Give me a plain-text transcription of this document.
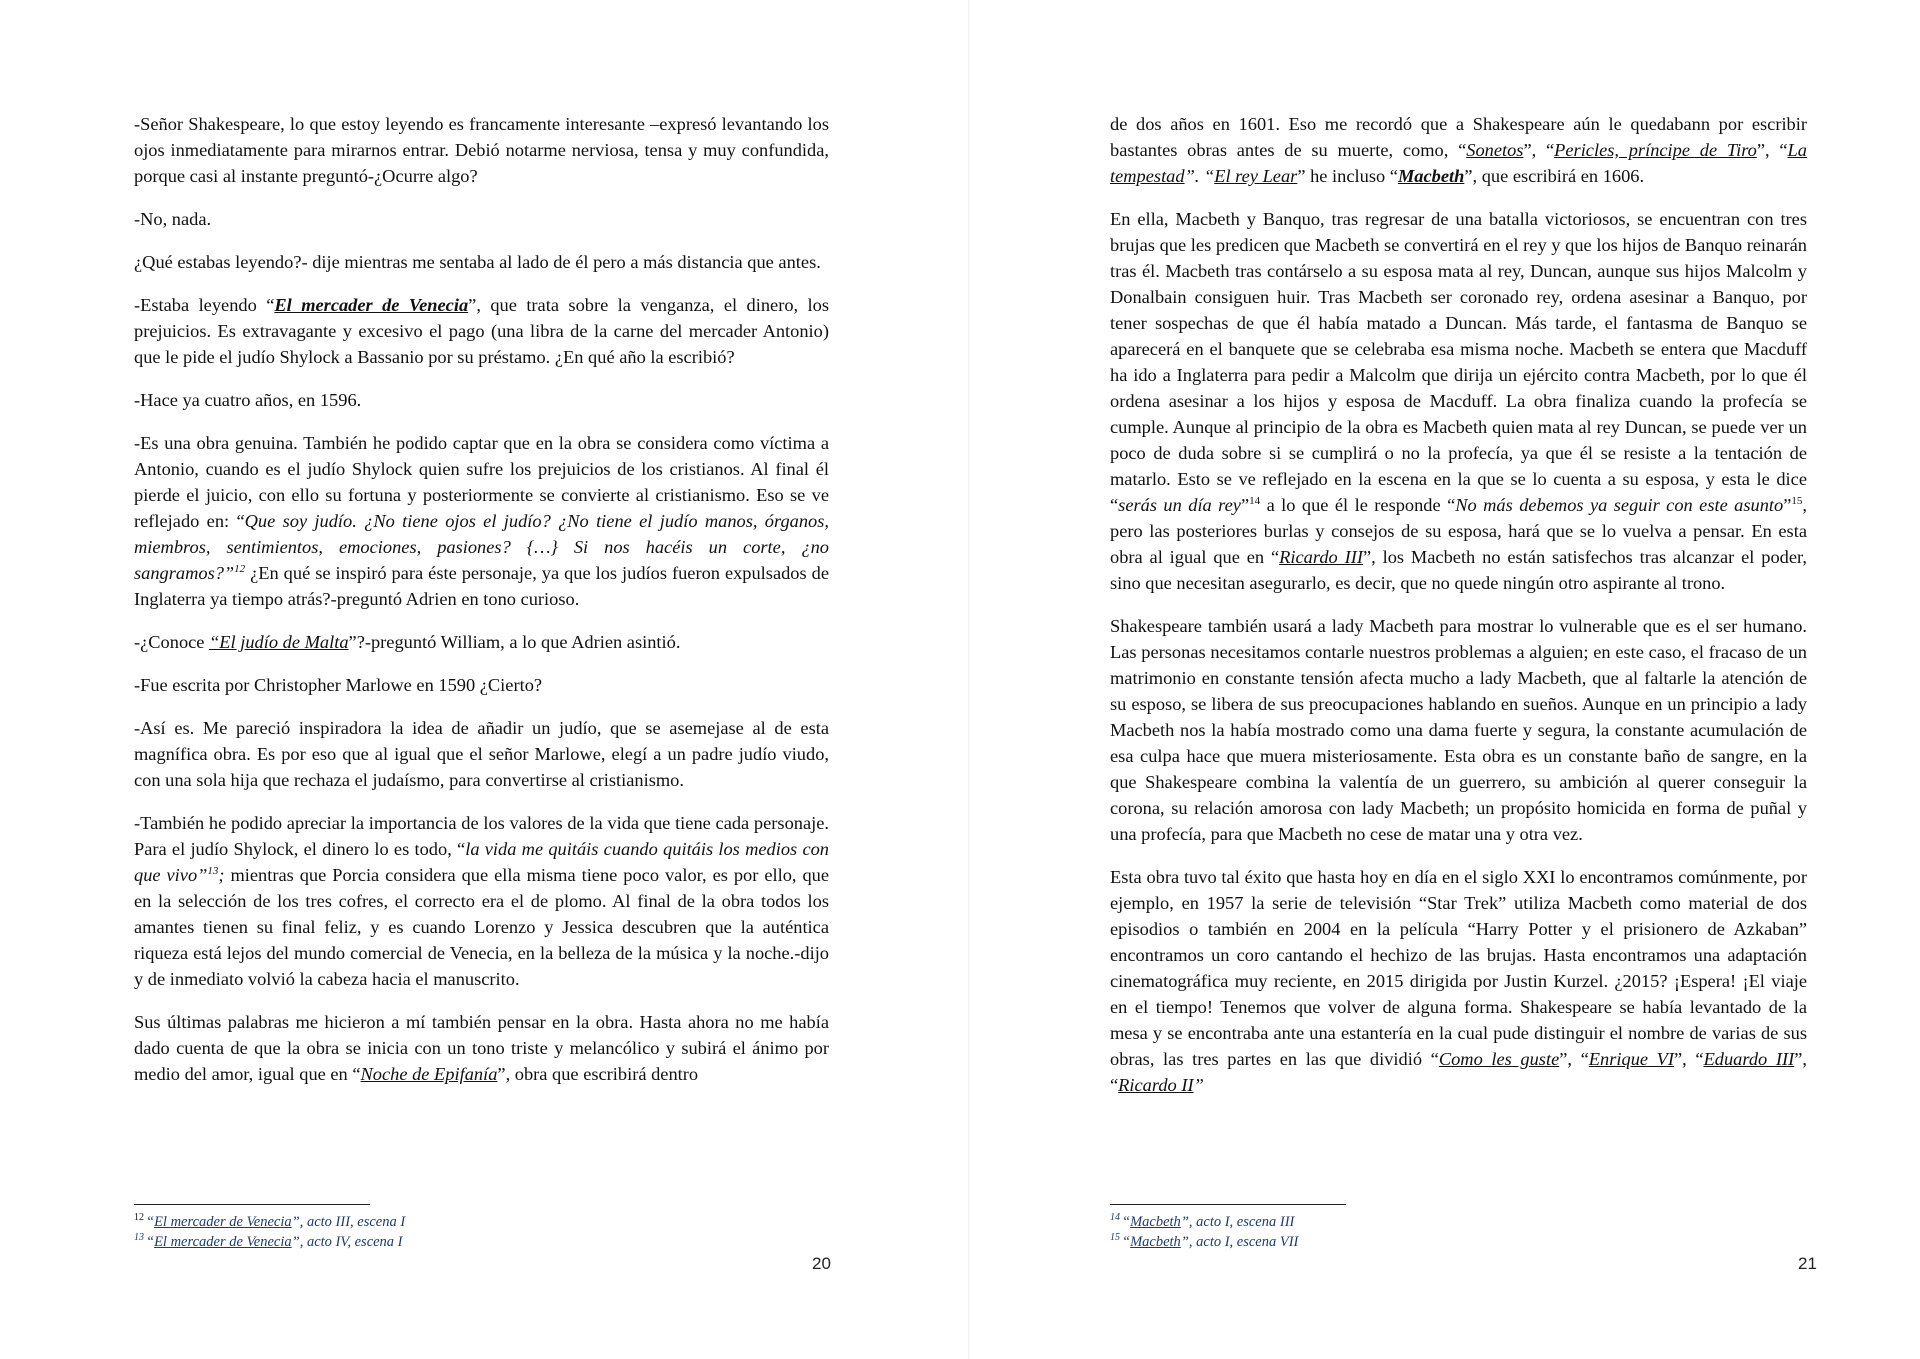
-Señor Shakespeare, lo que estoy leyendo es francamente interesante –expresó levantando los ojos inmediatamente para mirarnos entrar. Debió notarme nerviosa, tensa y muy confundida, porque casi al instante preguntó-¿Ocurre algo?

-No, nada.

¿Qué estabas leyendo?- dije mientras me sentaba al lado de él pero a más distancia que antes.

-Estaba leyendo “El mercader de Venecia”, que trata sobre la venganza, el dinero, los prejuicios. Es extravagante y excesivo el pago (una libra de la carne del mercader Antonio) que le pide el judío Shylock a Bassanio por su préstamo. ¿En qué año la escribió?

-Hace ya cuatro años, en 1596.

-Es una obra genuina. También he podido captar que en la obra se considera como víctima a Antonio, cuando es el judío Shylock quien sufre los prejuicios de los cristianos. Al final él pierde el juicio, con ello su fortuna y posteriormente se convierte al cristianismo. Eso se ve reflejado en: “Que soy judío. ¿No tiene ojos el judío? ¿No tiene el judío manos, órganos, miembros, sentimientos, emociones, pasiones? {…} Si nos hacéis un corte, ¿no sangramos?”$^{12}$ ¿En qué se inspiró para éste personaje, ya que los judíos fueron expulsados de Inglaterra ya tiempo atrás?-preguntó Adrien en tono curioso.

-¿Conoce “El judío de Malta”?-preguntó William, a lo que Adrien asintió.

-Fue escrita por Christopher Marlowe en 1590 ¿Cierto?

-Así es. Me pareció inspiradora la idea de añadir un judío, que se asemejase al de esta magnífica obra. Es por eso que al igual que el señor Marlowe, elegí a un padre judío viudo, con una sola hija que rechaza el judaísmo, para convertirse al cristianismo.

-También he podido apreciar la importancia de los valores de la vida que tiene cada personaje. Para el judío Shylock, el dinero lo es todo, “la vida me quitáis cuando quitáis los medios con que vivo”$^{13}$; mientras que Porcia considera que ella misma tiene poco valor, es por ello, que en la selección de los tres cofres, el correcto era el de plomo. Al final de la obra todos los amantes tienen su final feliz, y es cuando Lorenzo y Jessica descubren que la auténtica riqueza está lejos del mundo comercial de Venecia, en la belleza de la música y la noche.-dijo y de inmediato volvió la cabeza hacia el manuscrito.

Sus últimas palabras me hicieron a mí también pensar en la obra. Hasta ahora no me había dado cuenta de que la obra se inicia con un tono triste y melancólico y subirá el ánimo por medio del amor, igual que en “Noche de Epifanía”, obra que escribirá dentro

$^{12}$ “El mercader de Venecia”, acto III, escena I
$^{13}$ “El mercader de Venecia”, acto IV, escena I
20

de dos años en 1601. Eso me recordó que a Shakespeare aún le quedabann por escribir bastantes obras antes de su muerte, como, “Sonetos”, “Pericles, príncipe de Tiro”, “La tempestad”. “El rey Lear” he incluso “Macbeth”, que escribirá en 1606.

En ella, Macbeth y Banquo, tras regresar de una batalla victoriosos, se encuentran con tres brujas que les predicen que Macbeth se convertirá en el rey y que los hijos de Banquo reinarán tras él. Macbeth tras contárselo a su esposa mata al rey, Duncan, aunque sus hijos Malcolm y Donalbain consiguen huir. Tras Macbeth ser coronado rey, ordena asesinar a Banquo, por tener sospechas de que él había matado a Duncan. Más tarde, el fantasma de Banquo se aparecerá en el banquete que se celebraba esa misma noche. Macbeth se entera que Macduff ha ido a Inglaterra para pedir a Malcolm que dirija un ejército contra Macbeth, por lo que él ordena asesinar a los hijos y esposa de Macduff. La obra finaliza cuando la profecía se cumple. Aunque al principio de la obra es Macbeth quien mata al rey Duncan, se puede ver un poco de duda sobre si se cumplirá o no la profecía, ya que él se resiste a la tentación de matarlo. Esto se ve reflejado en la escena en la que se lo cuenta a su esposa, y esta le dice “serás un día rey”$^{14}$ a lo que él le responde “No más debemos ya seguir con este asunto”$^{15}$, pero las posteriores burlas y consejos de su esposa, hará que se lo vuelva a pensar. En esta obra al igual que en “Ricardo III”, los Macbeth no están satisfechos tras alcanzar el poder, sino que necesitan asegurarlo, es decir, que no quede ningún otro aspirante al trono.

Shakespeare también usará a lady Macbeth para mostrar lo vulnerable que es el ser humano. Las personas necesitamos contarle nuestros problemas a alguien; en este caso, el fracaso de un matrimonio en constante tensión afecta mucho a lady Macbeth, que al faltarle la atención de su esposo, se libera de sus preocupaciones hablando en sueños. Aunque en un principio a lady Macbeth nos la había mostrado como una dama fuerte y segura, la constante acumulación de esa culpa hace que muera misteriosamente. Esta obra es un constante baño de sangre, en la que Shakespeare combina la valentía de un guerrero, su ambición al querer conseguir la corona, su relación amorosa con lady Macbeth; un propósito homicida en forma de puñal y una profecía, para que Macbeth no cese de matar una y otra vez.

Esta obra tuvo tal éxito que hasta hoy en día en el siglo XXI lo encontramos comúnmente, por ejemplo, en 1957 la serie de televisión “Star Trek” utiliza Macbeth como material de dos episodios o también en 2004 en la película “Harry Potter y el prisionero de Azkaban” encontramos un coro cantando el hechizo de las brujas. Hasta encontramos una adaptación cinematográfica muy reciente, en 2015 dirigida por Justin Kurzel. ¿2015? ¡Espera! ¡El viaje en el tiempo! Tenemos que volver de alguna forma. Shakespeare se había levantado de la mesa y se encontraba ante una estantería en la cual pude distinguir el nombre de varias de sus obras, las tres partes en las que dividió “Como les guste”, “Enrique VI”, “Eduardo III”, “Ricardo II”

$^{14}$ “Macbeth”, acto I, escena III
$^{15}$ “Macbeth”, acto I, escena VII
21
